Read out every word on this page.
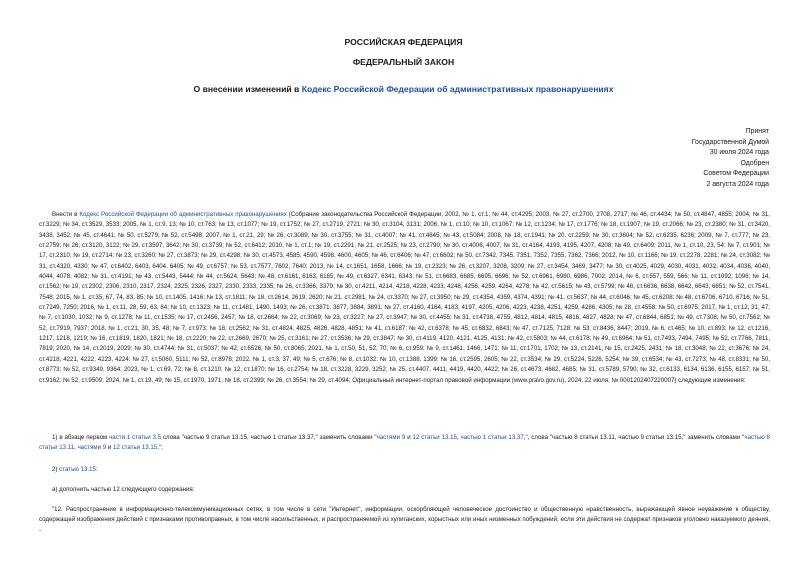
РОССИЙСКАЯ ФЕДЕРАЦИЯ
ФЕДЕРАЛЬНЫЙ ЗАКОН
О внесении изменений в Кодекс Российской Федерации об административных правонарушениях
Принят
Государственной Думой
30 июля 2024 года
Одобрен
Советом Федерации
2 августа 2024 года
Внести в Кодекс Российской Федерации об административных правонарушениях (Собрание законодательства Российской Федерации, 2002, № 1, ст.1; № 44, ст.4295; 2003, № 27, ст.2700, 2708, 2717; № 46, ст.4434; № 50, ст.4847, 4855; 2004, № 31, ст.3229; № 34, ст.3529, 3533; 2005, № 1, ст.9, 13; № 10, ст.763; № 13, ст.1077; № 19, ст.1752; № 27, ст.2719, 2721; № 30, ст.3104, 3131; 2006, № 1, ст.10; № 10, ст.1067; № 12, ст.1234; № 17, ст.1776; № 18, ст.1907; № 19, ст.2066; № 23, ст.2380; № 31, ст.3420, 3438, 3452; № 45, ст.4641; № 50, ст.5279; № 52, ст.5498; 2007, № 1, ст.21, 29; № 26, ст.3089; № 30, ст.3755; № 31, ст.4007; № 41, ст.4845; № 43, ст.5084; 2008, № 18, ст.1941; № 20, ст.2259; № 30, ст.3604; № 52, ст.6235, 6236; 2009, № 7, ст.777; № 23, ст.2759; № 26, ст.3120, 3122; № 29, ст.3597, 3642; № 30, ст.3739; № 52, ст.6412; 2010, № 1, ст.1; № 19, ст.2291; № 21, ст.2525; № 23, ст.2790; № 30, ст.4006, 4007; № 31, ст.4164, 4193, 4195, 4207, 4208; № 49, ст.6409; 2011, № 1, ст.10, 23, 54; № 7, ст.901; № 17, ст.2310; № 19, ст.2714; № 23, ст.3260; № 27, ст.3873; № 29, ст.4298; № 30, ст.4573, 4585, 4590, 4598, 4600, 4605; № 46, ст.6406; № 47, ст.6602; № 50, ст.7342, 7345, 7351, 7352, 7355, 7362, 7366; 2012, № 10, ст.1166; № 19, ст.2278, 2281; № 24, ст.3082; № 31, ст.4320, 4330; № 47, ст.6402, 6403, 6404, 6405; № 49, ст.6757; № 53, ст.7577, 7602, 7640; 2013, № 14, ст.1651, 1658, 1666; № 19, ст.2323; № 26, ст.3207, 3208, 3209; № 27, ст.3454, 3469, 3477; № 30, ст.4025, 4029, 4030, 4031, 4032, 4034, 4036, 4040, 4044, 4078, 4082; № 31, ст.4191; № 43, ст.5443, 5444; № 44, ст.5624, 5643; № 48, ст.6161, 6163, 6165; № 49, ст.6327, 6341, 6343; № 51, ст.6683, 6685, 6695, 6696; № 52, ст.6961, 6980, 6986, 7002; 2014, № 6, ст.557, 559, 566; № 11, ст.1092, 1096; № 14, ст.1562; № 19, ст.2302, 2306, 2310, 2317, 2324, 2325, 2326, 2327, 2330, 2333, 2335; № 26, ст.3366, 3379; № 30, ст.4211, 4214, 4218, 4228, 4233, 4248, 4256, 4259, 4264, 4278; № 42, ст.5615; № 43, ст.5799; № 48, ст.6636, 6638, 6642, 6643, 6651; № 52, ст.7541, 7548; 2015, № 1, ст.35, 67, 74, 83, 85; № 10, ст.1405, 1416; № 13, ст.1811; № 18, ст.2614, 2619, 2620; № 21, ст.2981; № 24, ст.3370; № 27, ст.3950; № 29, ст.4354, 4359, 4374, 4391; № 41, ст.5637; № 44, ст.6046; № 45, ст.6208; № 48, ст.6706, 6710, 6716; № 51, ст.7249, 7250; 2016, № 1, ст.11, 28, 59, 63, 84; № 10, ст.1323; № 11, ст.1481, 1490, 1493; № 26, ст.3871, 3877, 3884, 3891; № 27, ст.4160, 4164, 4183, 4197, 4205, 4206, 4223, 4238, 4251, 4259, 4286, 4305; № 28, ст.4558; № 50, ст.6975; 2017, № 1, ст.12, 31, 47; № 7, ст.1030, 1032; № 9, ст.1278; № 11, ст.1535; № 17, ст.2456, 2457; № 18, ст.2664; № 22, ст.3069; № 23, ст.3227; № 27, ст.3947; № 30, ст.4455; № 31, ст.4738, 4755, 4812, 4814, 4815, 4816, 4827, 4828; № 47, ст.6844, 6851; № 49, ст.7308; № 50, ст.7562; № 52, ст.7919, 7937; 2018, № 1, ст.21, 30, 35, 48; № 7, ст.973; № 18, ст.2562; № 31, ст.4824, 4825, 4826, 4828, 4851; № 41, ст.6187; № 42, ст.6378; № 45, ст.6832, 6843; № 47, ст.7125, 7128; № 53, ст.8436, 8447; 2019, № 6, ст.465; № 10, ст.893; № 12, ст.1216, 1217, 1218, 1219; № 16, ст.1819, 1820, 1821; № 18, ст.2220; № 22, ст.2669, 2670; № 25, ст.3161; № 27, ст.3536; № 29, ст.3847; № 30, ст.4119, 4120, 4121, 4125, 4131; № 42, ст.5803; № 44, ст.6178; № 49, ст.6964; № 51, ст.7493, 7494, 7495; № 52, ст.7766, 7811, 7819; 2020, № 14, ст.2019, 2029; № 30, ст.4744; № 31, ст.5037; № 42, ст.6526; № 50, ст.8065; 2021, № 1, ст.50, 51, 52, 70; № 6, ст.959; № 9, ст.1461, 1466, 1471; № 11, ст.1701, 1702; № 13, ст.2141; № 15, ст.2425, 2431; № 18, ст.3048; № 22, ст.3676; № 24, ст.4218, 4221, 4222, 4223, 4224; № 27, ст.5060, 5111; № 52, ст.8978; 2022, № 1, ст.3, 37, 49; № 5, ст.676; № 8, ст.1032; № 10, ст.1388, 1399; № 16, ст.2595, 2605; № 22, ст.3534; № 29, ст.5224, 5226, 5254; № 39, ст.6534; № 43, ст.7273; № 48, ст.8331; № 50, ст.8773; № 52, ст.9349, 9364; 2023, № 1, ст.69, 72; № 8, ст.1210; № 12, ст.1870; № 16, ст.2754; № 18, ст.3228, 3229, 3252; № 25, ст.4407, 4411, 4419, 4420, 4422; № 26, ст.4673, 4682, 4685; № 31, ст.5789, 5790; № 32, ст.6133, 6134, 6136, 6155, 6157; № 51, ст.9162; № 52, ст.9509; 2024, № 1, ст.19, 49; № 15, ст.1970, 1971; № 18, ст.2399; № 26, ст.3554; № 29, ст.4094; Официальный интернет-портал правовой информации (www.pravo.gov.ru), 2024, 22 июля, № 0001202407220007) следующие изменения:
1) в абзаце первом части 1 статьи 3.5 слова "частью 9 статьи 13.15, частью 1 статьи 13.37," заменить словами "частями 9 и 12 статьи 13.15, частью 1 статьи 13.37,", слова "частью 8 статьи 13.11, частью 9 статьи 13.15," заменить словами "частью 8 статьи 13.11, частями 9 и 12 статьи 13.15,";
2) статью 13.15:
а) дополнить частью 12 следующего содержания:
"12. Распространение в информационно-телекоммуникационных сетях, в том числе в сети "Интернет", информации, оскорбляющей человеческое достоинство и общественную нравственность, выражающей явное неуважение к обществу, содержащей изображения действий с признаками противоправных, в том числе насильственных, и распространяемой из хулиганских, корыстных или иных низменных побуждений, если эти действия не содержат признаков уголовно наказуемого деяния, -
